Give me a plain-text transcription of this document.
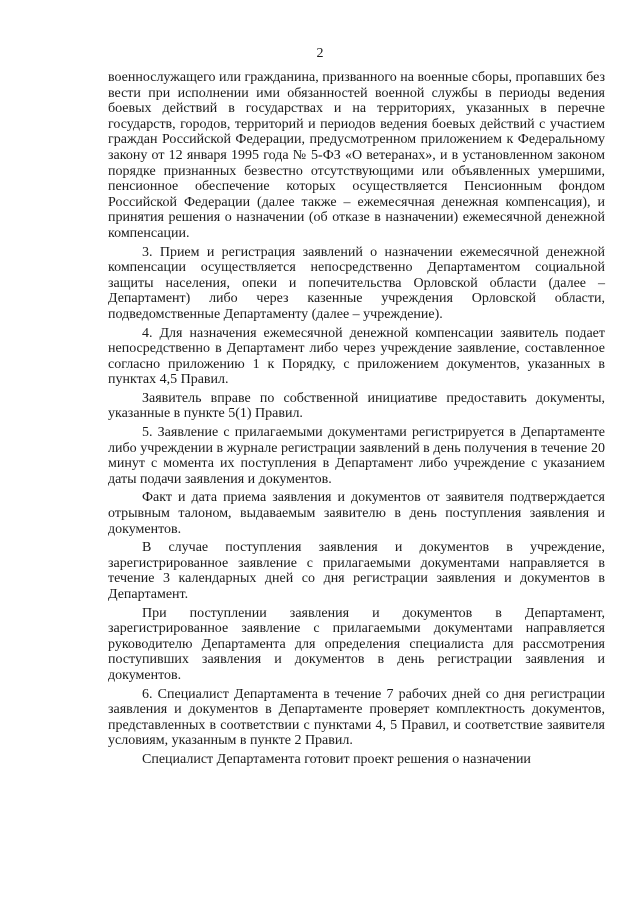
2

военнослужащего или гражданина, призванного на военные сборы, пропавших без вести при исполнении ими обязанностей военной службы в периоды ведения боевых действий в государствах и на территориях, указанных в перечне государств, городов, территорий и периодов ведения боевых действий с участием граждан Российской Федерации, предусмотренном приложением к Федеральному закону от 12 января 1995 года № 5-ФЗ «О ветеранах», и в установленном законом порядке признанных безвестно отсутствующими или объявленных умершими, пенсионное обеспечение которых осуществляется Пенсионным фондом Российской Федерации (далее также – ежемесячная денежная компенсация), и принятия решения о назначении (об отказе в назначении) ежемесячной денежной компенсации.

3. Прием и регистрация заявлений о назначении ежемесячной денежной компенсации осуществляется непосредственно Департаментом социальной защиты населения, опеки и попечительства Орловской области (далее – Департамент) либо через казенные учреждения Орловской области, подведомственные Департаменту (далее – учреждение).

4. Для назначения ежемесячной денежной компенсации заявитель подает непосредственно в Департамент либо через учреждение заявление, составленное согласно приложению 1 к Порядку, с приложением документов, указанных в пунктах 4,5 Правил.

Заявитель вправе по собственной инициативе предоставить документы, указанные в пункте 5(1) Правил.

5. Заявление с прилагаемыми документами регистрируется в Департаменте либо учреждении в журнале регистрации заявлений в день получения в течение 20 минут с момента их поступления в Департамент либо учреждение с указанием даты подачи заявления и документов.

Факт и дата приема заявления и документов от заявителя подтверждается отрывным талоном, выдаваемым заявителю в день поступления заявления и документов.

В случае поступления заявления и документов в учреждение, зарегистрированное заявление с прилагаемыми документами направляется в течение 3 календарных дней со дня регистрации заявления и документов в Департамент.

При поступлении заявления и документов в Департамент, зарегистрированное заявление с прилагаемыми документами направляется руководителю Департамента для определения специалиста для рассмотрения поступивших заявления и документов в день регистрации заявления и документов.

6. Специалист Департамента в течение 7 рабочих дней со дня регистрации заявления и документов в Департаменте проверяет комплектность документов, представленных в соответствии с пунктами 4, 5 Правил, и соответствие заявителя условиям, указанным в пункте 2 Правил.

Специалист Департамента готовит проект решения о назначении
